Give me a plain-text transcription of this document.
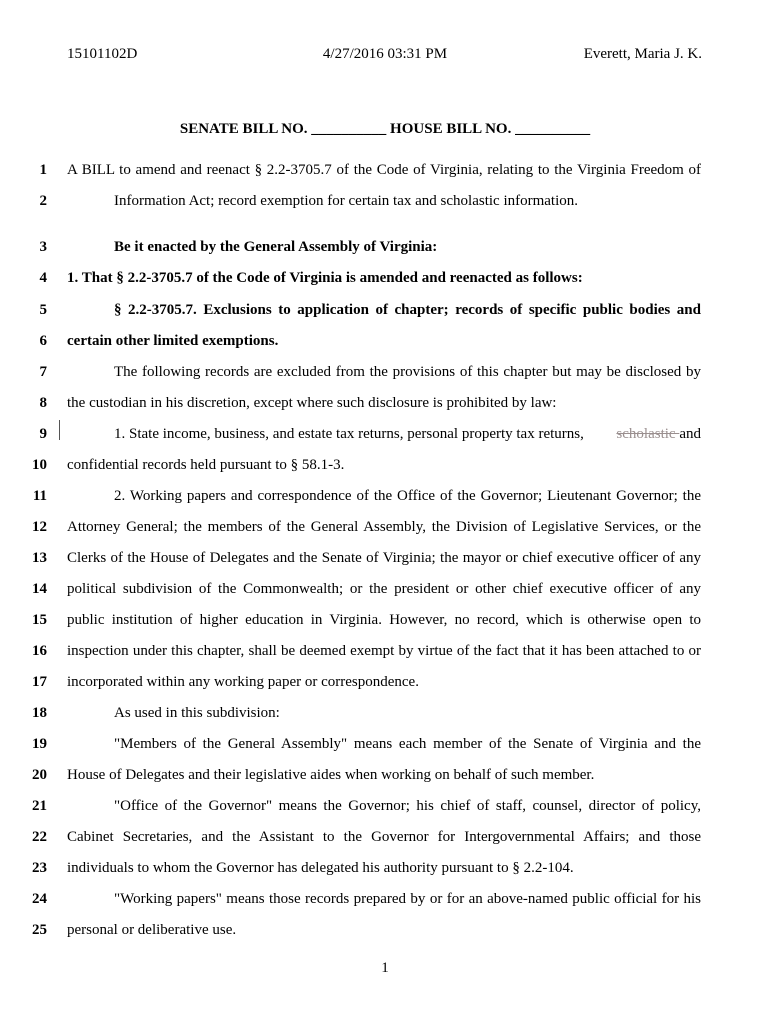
15101102D	4/27/2016 03:31 PM	Everett, Maria J. K.
SENATE BILL NO. __________ HOUSE BILL NO. __________
1 A BILL to amend and reenact § 2.2-3705.7 of the Code of Virginia, relating to the Virginia Freedom of
2	Information Act; record exemption for certain tax and scholastic information.
3	Be it enacted by the General Assembly of Virginia:
4 1. That § 2.2-3705.7 of the Code of Virginia is amended and reenacted as follows:
5	§ 2.2-3705.7. Exclusions to application of chapter; records of specific public bodies and
6 certain other limited exemptions.
7	The following records are excluded from the provisions of this chapter but may be disclosed by
8 the custodian in his discretion, except where such disclosure is prohibited by law:
9	1. State income, business, and estate tax returns, personal property tax returns, scholastic and
10 confidential records held pursuant to § 58.1-3.
11	2. Working papers and correspondence of the Office of the Governor; Lieutenant Governor; the
12 Attorney General; the members of the General Assembly, the Division of Legislative Services, or the
13 Clerks of the House of Delegates and the Senate of Virginia; the mayor or chief executive officer of any
14 political subdivision of the Commonwealth; or the president or other chief executive officer of any
15 public institution of higher education in Virginia. However, no record, which is otherwise open to
16 inspection under this chapter, shall be deemed exempt by virtue of the fact that it has been attached to or
17 incorporated within any working paper or correspondence.
18	As used in this subdivision:
19	"Members of the General Assembly" means each member of the Senate of Virginia and the
20 House of Delegates and their legislative aides when working on behalf of such member.
21	"Office of the Governor" means the Governor; his chief of staff, counsel, director of policy,
22 Cabinet Secretaries, and the Assistant to the Governor for Intergovernmental Affairs; and those
23 individuals to whom the Governor has delegated his authority pursuant to § 2.2-104.
24	"Working papers" means those records prepared by or for an above-named public official for his
25 personal or deliberative use.
1
